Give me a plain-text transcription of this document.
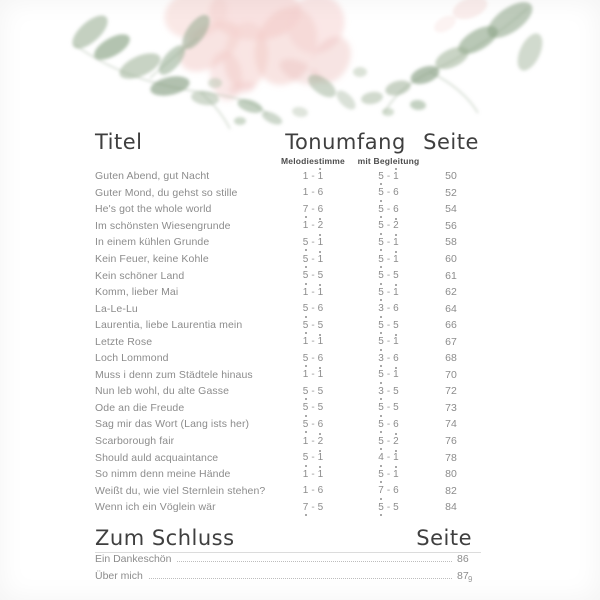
Titel	Tonumfang Seite
Melodiestimme	mit Begleitung
Guten Abend, gut Nacht	1 - 1	5 - 1	50
Guter Mond, du gehst so stille	1 - 6	5 - 6	52
He's got the whole world	7 - 6	5 - 6	54
Im schönsten Wiesengrunde	1 - 2	5 - 2	56
In einem kühlen Grunde	5 - 1	5 - 1	58
Kein Feuer, keine Kohle	5 - 1	5 - 1	60
Kein schöner Land	5 - 5	5 - 5	61
Komm, lieber Mai	1 - 1	5 - 1	62
La-Le-Lu	5 - 6	3 - 6	64
Laurentia, liebe Laurentia mein	5 - 5	5 - 5	66
Letzte Rose	1 - 1	5 - 1	67
Loch Lommond	5 - 6	3 - 6	68
Muss i denn zum Städtele hinaus	1 - 1	5 - 1	70
Nun leb wohl, du alte Gasse	5 - 5	3 - 5	72
Ode an die Freude	5 - 5	5 - 5	73
Sag mir das Wort (Lang ists her)	5 - 6	5 - 6	74
Scarborough fair	1 - 2	5 - 2	76
Should auld acquaintance	5 - 1	4 - 1	78
So nimm denn meine Hände	1 - 1	5 - 1	80
Weißt du, wie viel Sternlein stehen?	1 - 6	7 - 6	82
Wenn ich ein Vöglein wär	7 - 5	5 - 5	84
Zum Schluss	Seite
Ein Dankeschön	86
Über mich	87 9
